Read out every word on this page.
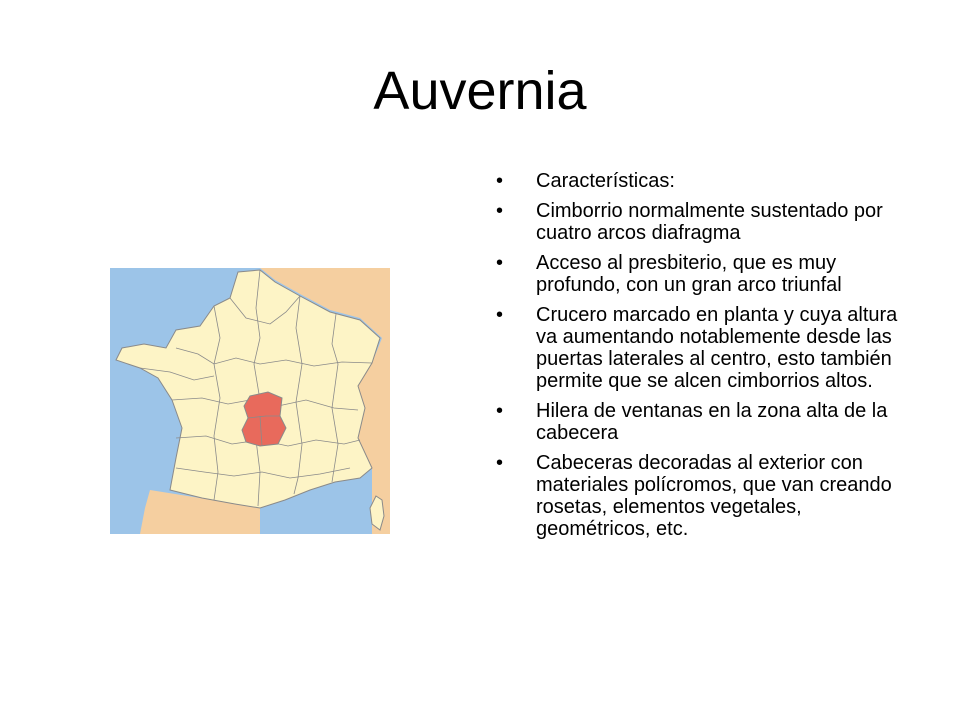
Auvernia
• Características:
• Cimborrio normalmente sustentado por cuatro arcos diafragma
• Acceso al presbiterio, que es muy profundo, con un gran arco triunfal
• Crucero marcado en planta y cuya altura va aumentando notablemente desde las puertas laterales al centro, esto también permite que se alcen cimborrios altos.
• Hilera de ventanas en la zona alta de la cabecera
• Cabeceras decoradas al exterior con materiales polícromos, que van creando rosetas, elementos vegetales, geométricos, etc.
